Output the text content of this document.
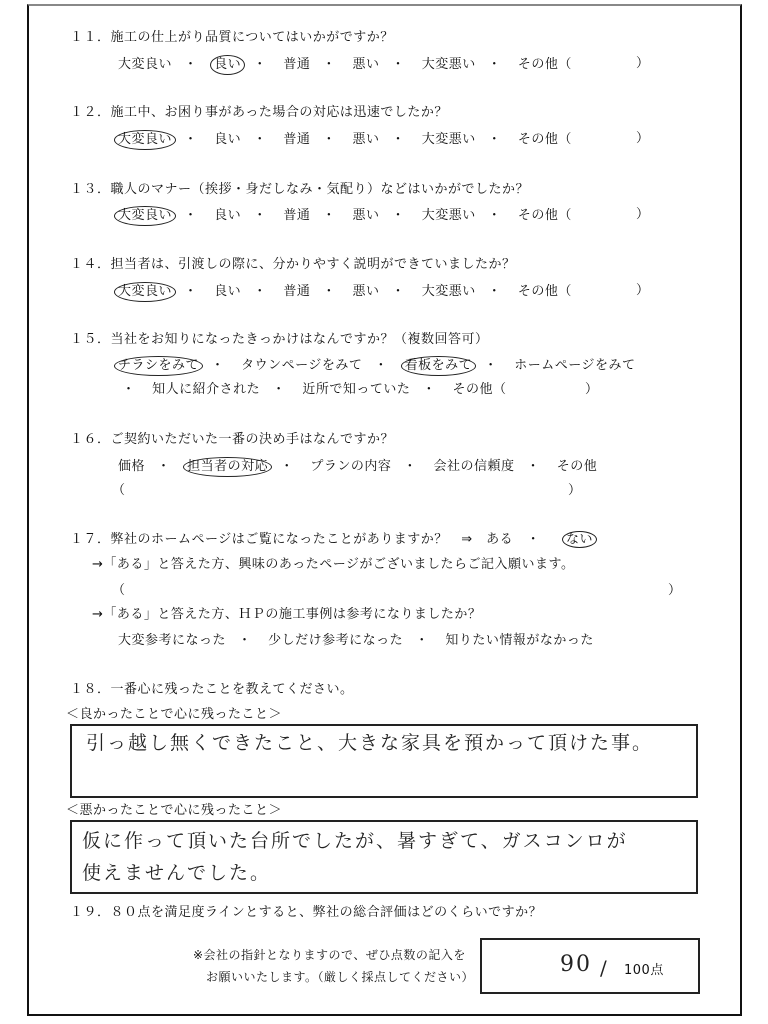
１１．施工の仕上がり品質についてはいかがですか？
大変良い ・ 良い ・ 普通 ・ 悪い ・ 大変悪い ・ その他（	）
１２．施工中、お困り事があった場合の対応は迅速でしたか？
大変良い ・ 良い ・ 普通 ・ 悪い ・ 大変悪い ・ その他（	）
１３．職人のマナー（挨拶・身だしなみ・気配り）などはいかがでしたか？
大変良い ・ 良い ・ 普通 ・ 悪い ・ 大変悪い ・ その他（	）
１４．担当者は、引渡しの際に、分かりやすく説明ができていましたか？
大変良い ・ 良い ・ 普通 ・ 悪い ・ 大変悪い ・ その他（	）
１５．当社をお知りになったきっかけはなんですか？（複数回答可）
チラシをみて ・ タウンページをみて ・ 看板をみて ・ ホームページをみて
・ 知人に紹介された ・ 近所で知っていた ・ その他（	）
１６．ご契約いただいた一番の決め手はなんですか？
価格 ・ 担当者の対応 ・ プランの内容 ・ 会社の信頼度 ・ その他
（	）
１７．弊社のホームページはご覧になったことがありますか？　⇒　ある　・ ない
→「ある」と答えた方、興味のあったページがございましたらご記入願います。
（	）
→「ある」と答えた方、ＨＰの施工事例は参考になりましたか？
大変参考になった ・ 少しだけ参考になった ・ 知りたい情報がなかった
１８．一番心に残ったことを教えてください。
＜良かったことで心に残ったこと＞
引っ越し無くできたこと、大きな家具を預かって頂けた事。
＜悪かったことで心に残ったこと＞
仮に作って頂いた台所でしたが、暑すぎて、ガスコンロが
使えませんでした。
１９．８０点を満足度ラインとすると、弊社の総合評価はどのくらいですか？
※会社の指針となりますので、ぜひ点数の記入を
お願いいたします。（厳しく採点してください）	90 / 100点
